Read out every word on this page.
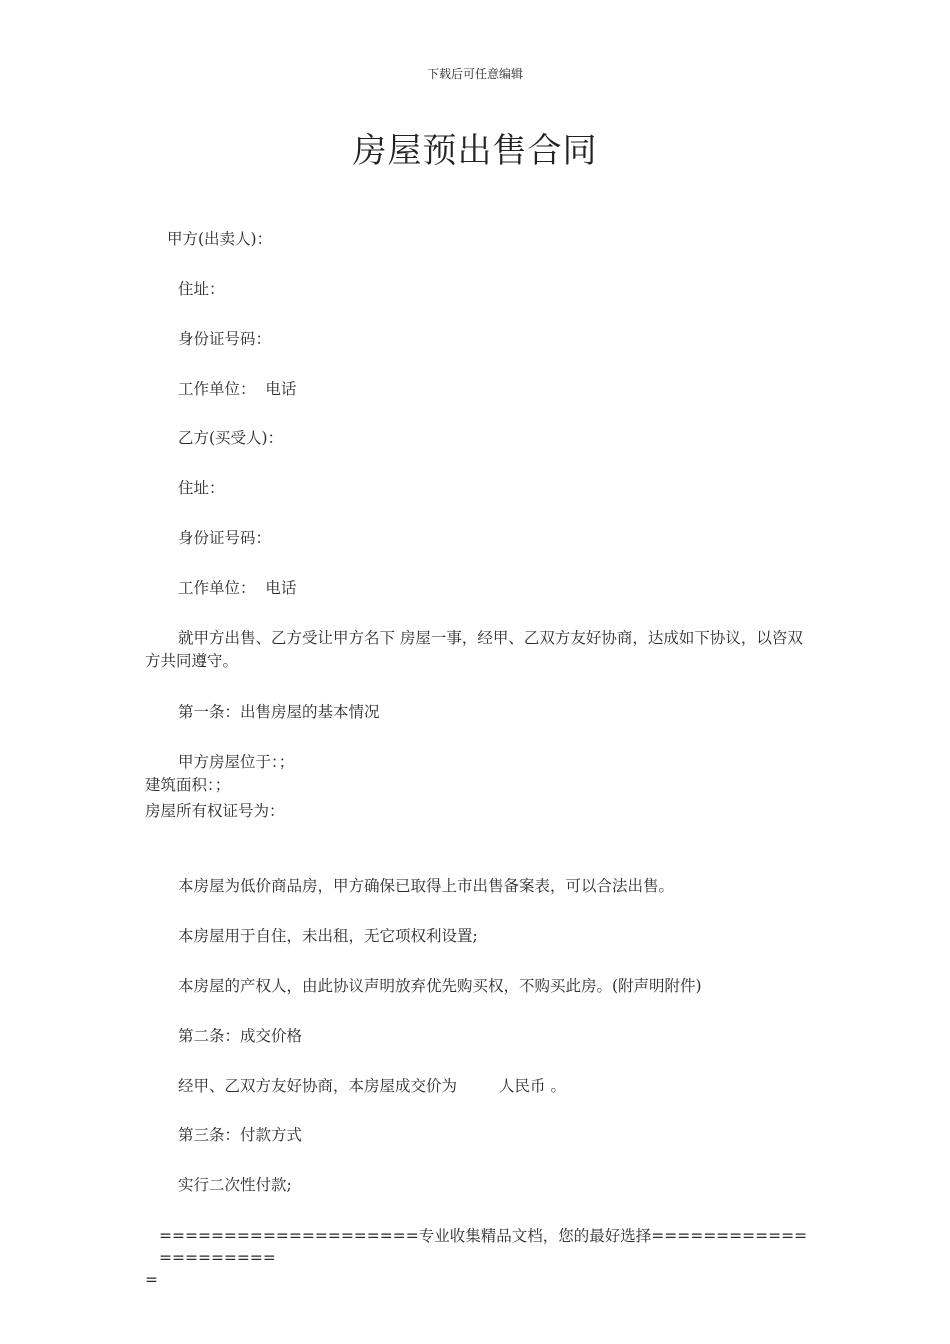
下载后可任意编辑
房屋预出售合同
甲方(出卖人)：
住址：
身份证号码：
工作单位： 电话
乙方(买受人)：
住址：
身份证号码：
工作单位： 电话
就甲方出售、乙方受让甲方名下 房屋一事，经甲、乙双方友好协商，达成如下协议，以咨双方共同遵守。
第一条：出售房屋的基本情况
甲方房屋位于：；
建筑面积：；
房屋所有权证号为：
本房屋为低价商品房，甲方确保已取得上市出售备案表，可以合法出售。
本房屋用于自住，未出租，无它项权利设置;
本房屋的产权人，由此协议声明放弃优先购买权，不购买此房。(附声明附件)
第二条：成交价格
经甲、乙双方友好协商，本房屋成交价为	人民币 。
第三条：付款方式
实行二次性付款;
====================专业收集精品文档，您的最好选择=====================
=
